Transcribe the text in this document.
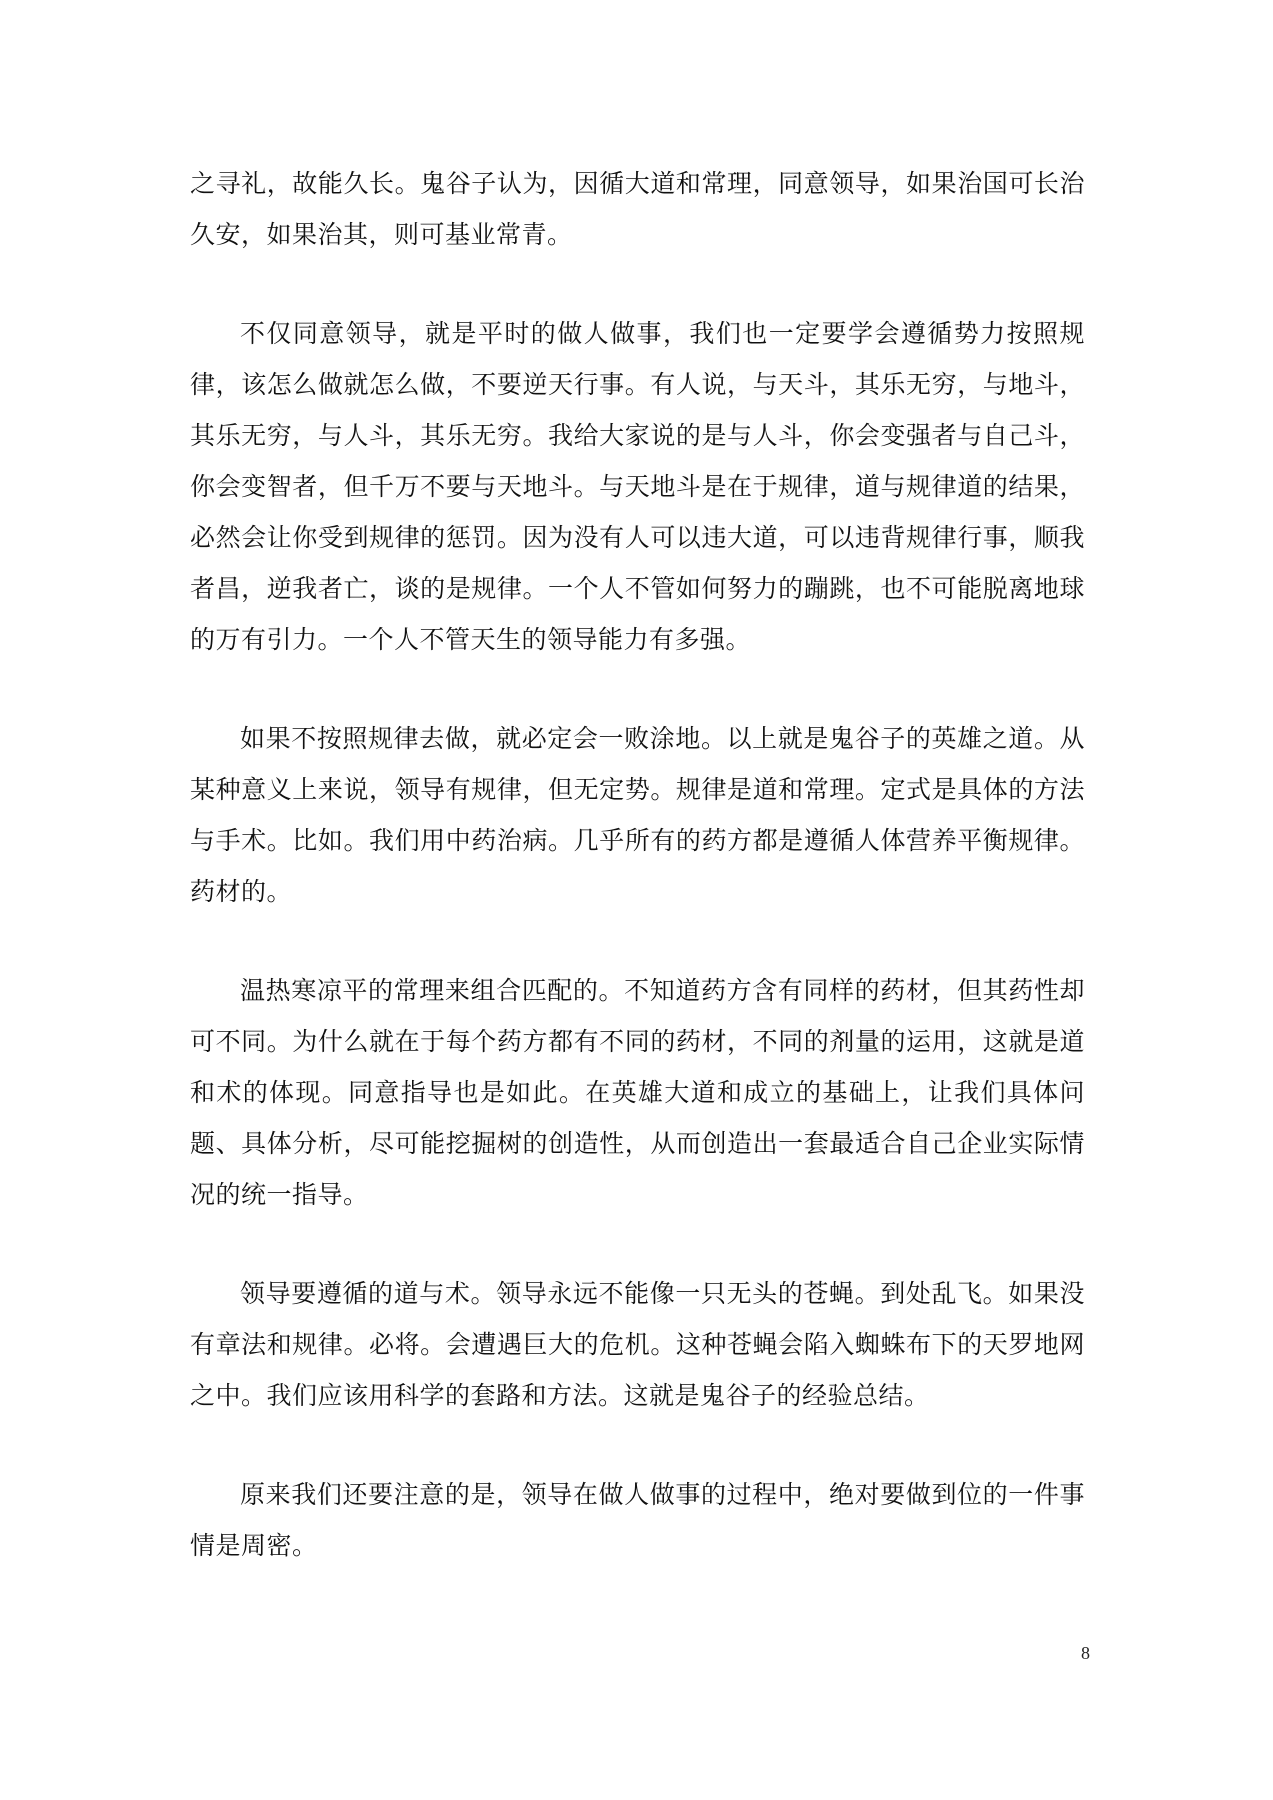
之寻礼，故能久长。鬼谷子认为，因循大道和常理，同意领导，如果治国可长治久安，如果治其，则可基业常青。

不仅同意领导，就是平时的做人做事，我们也一定要学会遵循势力按照规律，该怎么做就怎么做，不要逆天行事。有人说，与天斗，其乐无穷，与地斗，其乐无穷，与人斗，其乐无穷。我给大家说的是与人斗，你会变强者与自己斗，你会变智者，但千万不要与天地斗。与天地斗是在于规律，道与规律道的结果，必然会让你受到规律的惩罚。因为没有人可以违大道，可以违背规律行事，顺我者昌，逆我者亡，谈的是规律。一个人不管如何努力的蹦跳，也不可能脱离地球的万有引力。一个人不管天生的领导能力有多强。

如果不按照规律去做，就必定会一败涂地。以上就是鬼谷子的英雄之道。从某种意义上来说，领导有规律，但无定势。规律是道和常理。定式是具体的方法与手术。比如。我们用中药治病。几乎所有的药方都是遵循人体营养平衡规律。药材的。

温热寒凉平的常理来组合匹配的。不知道药方含有同样的药材，但其药性却可不同。为什么就在于每个药方都有不同的药材，不同的剂量的运用，这就是道和术的体现。同意指导也是如此。在英雄大道和成立的基础上，让我们具体问题、具体分析，尽可能挖掘树的创造性，从而创造出一套最适合自己企业实际情况的统一指导。

领导要遵循的道与术。领导永远不能像一只无头的苍蝇。到处乱飞。如果没有章法和规律。必将。会遭遇巨大的危机。这种苍蝇会陷入蜘蛛布下的天罗地网之中。我们应该用科学的套路和方法。这就是鬼谷子的经验总结。

原来我们还要注意的是，领导在做人做事的过程中，绝对要做到位的一件事情是周密。

8
